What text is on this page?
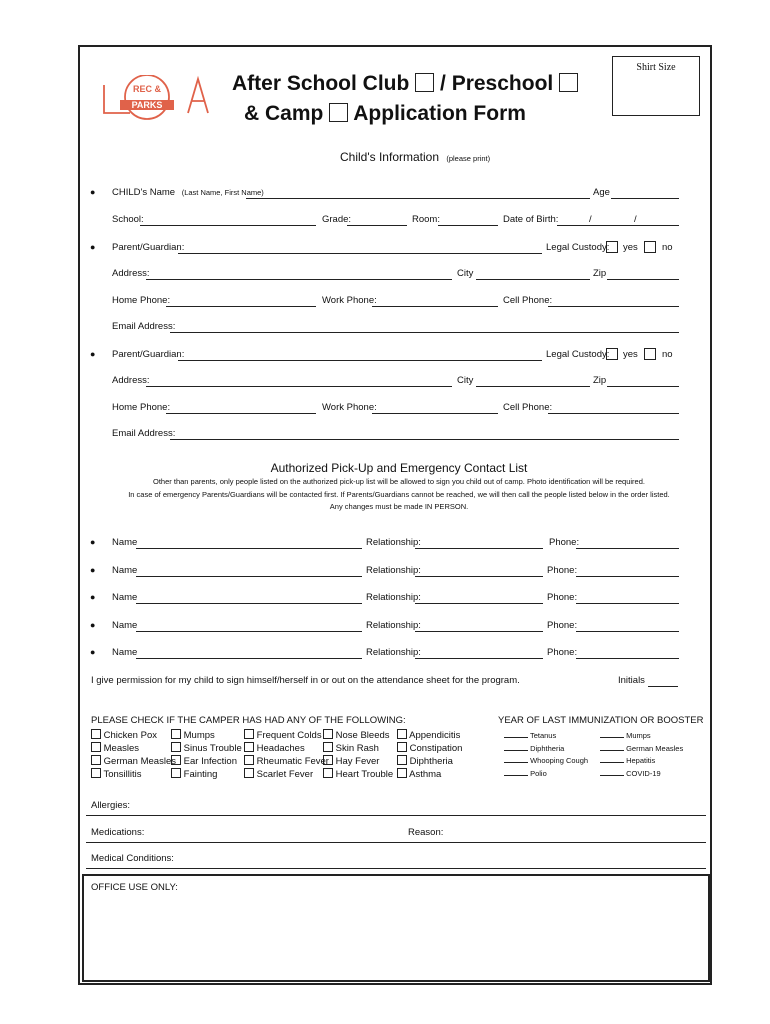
REC &
PARKS
After School Club / Preschool
& Camp Application Form
Shirt Size
Child's Information (please print)
● CHILD's Name (Last Name, First Name)	Age
School:	Grade:	Room:	Date of Birth:	/	/
● Parent/Guardian:	Legal Custody: yes	no
Address:	City	Zip
Home Phone:	Work Phone:	Cell Phone:
Email Address:
● Parent/Guardian:	Legal Custody: yes	no
Address:	City	Zip
Home Phone:	Work Phone:	Cell Phone:
Email Address:
Authorized Pick-Up and Emergency Contact List
Other than parents, only people listed on the authorized pick-up list will be allowed to sign you child out of camp. Photo identification will be required.
In case of emergency Parents/Guardians will be contacted first. If Parents/Guardians cannot be reached, we will then call the people listed below in the order listed.
Any changes must be made IN PERSON.
● Name	Relationship:	Phone:
● Name	Relationship:	Phone:
● Name	Relationship:	Phone:
● Name	Relationship:	Phone:
● Name	Relationship:	Phone:
I give permission for my child to sign himself/herself in or out on the attendance sheet for the program.	Initials
PLEASE CHECK IF THE CAMPER HAS HAD ANY OF THE FOLLOWING:	YEAR OF LAST IMMUNIZATION OR BOOSTER
Chicken Pox
Measles
German Measles
Tonsillitis
Mumps
Sinus Trouble
Ear Infection
Fainting
Frequent Colds
Headaches
Rheumatic Fever
Scarlet Fever
Nose Bleeds
Skin Rash
Hay Fever
Heart Trouble
Appendicitis
Constipation
Diphtheria
Asthma
Tetanus
Diphtheria
Whooping Cough
Polio
Mumps
German Measles
Hepatitis
COVID-19
Allergies:
Medications:	Reason:
Medical Conditions:
OFFICE USE ONLY:
